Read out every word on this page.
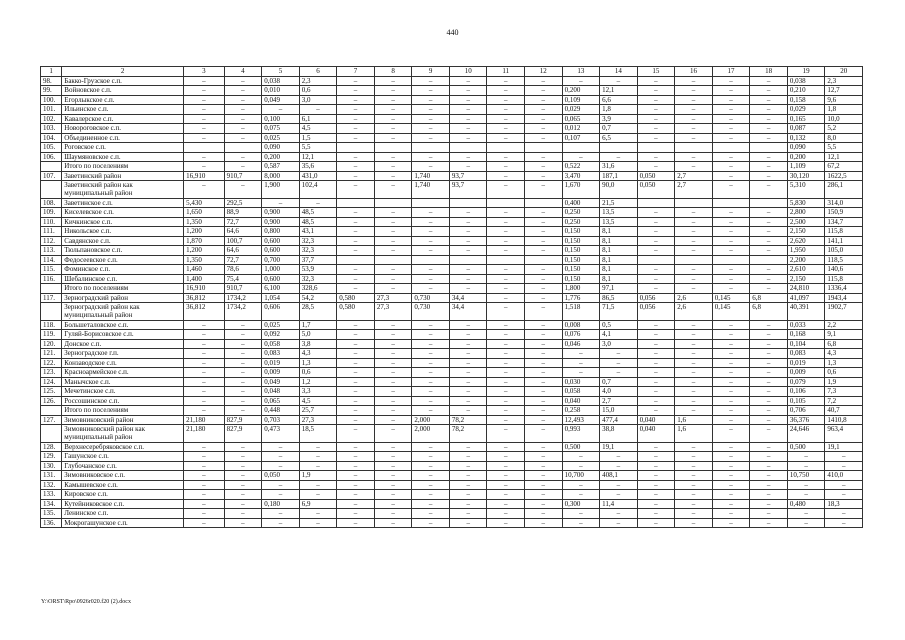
440
1	2	3	4	5	6	7	8	9	10	11	12	13	14	15	16	17	18	19	20
98.	Бакко-Грузское с.п.	–	–	0,038	2,3	–	–	–	–	–	–	–	–	–	–	–	–	0,038	2,3
99.	Войновское с.п.	–	–	0,010	0,6	–	–	–	–	–	–	0,200	12,1	–	–	–	–	0,210	12,7
100.	Егорлыкское с.п.	–	–	0,049	3,0	–	–	–	–	–	–	0,109	6,6	–	–	–	–	0,158	9,6
101.	Ильинское с.п.	–	–	–	–	–	–	–	–	–	–	0,029	1,8	–	–	–	–	0,029	1,8
102.	Кавалерское с.п.	–	–	0,100	6,1	–	–	–	–	–	–	0,065	3,9	–	–	–	–	0,165	10,0
103.	Новороговское с.п.	–	–	0,075	4,5	–	–	–	–	–	–	0,012	0,7	–	–	–	–	0,087	5,2
104.	Объединенное с.п.	–	–	0,025	1,5	–	–	–	–	–	–	0,107	6,5	–	–	–	–	0,132	8,0
105.	Роговское с.п.			0,090	5,5													0,090	5,5
106.	Шаумяновское с.п.	–	–	0,200	12,1	–	–	–	–	–	–	–	–	–	–	–	–	0,200	12,1
	Итого по поселениям	–	–	0,587	35,6	–	–	–	–	–	–	0,522	31,6	–	–	–	–	1,109	67,2
107.	Заветинский район	16,910	910,7	8,000	431,0	–	–	1,740	93,7	–	–	3,470	187,1	0,050	2,7	–	–	30,120	1622,5
	Заветинский район как муниципальный район	–	–	1,900	102,4	–	–	1,740	93,7	–	–	1,670	90,0	0,050	2,7	–	–	5,310	286,1
108.	Заветинское с.п.	5,430	292,5	–	–							0,400	21,5					5,830	314,0
109.	Киселевское с.п.	1,650	88,9	0,900	48,5	–	–	–	–	–	–	0,250	13,5	–	–	–	–	2,800	150,9
110.	Кичкинское с.п.	1,350	72,7	0,900	48,5	–	–	–	–	–	–	0,250	13,5	–	–	–	–	2,500	134,7
111.	Никольское с.п.	1,200	64,6	0,800	43,1	–	–	–	–	–	–	0,150	8,1	–	–	–	–	2,150	115,8
112.	Савдянское с.п.	1,870	100,7	0,600	32,3	–	–	–	–	–	–	0,150	8,1	–	–	–	–	2,620	141,1
113.	Тюльпановское с.п.	1,200	64,6	0,600	32,3	–	–	–	–	–	–	0,150	8,1	–	–	–	–	1,950	105,0
114.	Федосеевское с.п.	1,350	72,7	0,700	37,7							0,150	8,1					2,200	118,5
115.	Фоминское с.п.	1,460	78,6	1,000	53,9	–	–	–	–	–	–	0,150	8,1	–	–	–	–	2,610	140,6
116.	Шебалинское с.п.	1,400	75,4	0,600	32,3	–	–	–	–	–	–	0,150	8,1	–	–	–	–	2,150	115,8
	Итого по поселениям	16,910	910,7	6,100	328,6	–	–	–	–	–	–	1,800	97,1	–	–	–	–	24,810	1336,4
117.	Зерноградский район	36,812	1734,2	1,054	54,2	0,580	27,3	0,730	34,4	–	–	1,776	86,5	0,056	2,6	0,145	6,8	41,097	1943,4
	Зерноградский район как муниципальный район	36,812	1734,2	0,606	28,5	0,580	27,3	0,730	34,4	–	–	1,518	71,5	0,056	2,6	0,145	6,8	40,391	1902,7
118.	Большеталовское с.п.	–	–	0,025	1,7	–	–	–	–	–	–	0,008	0,5	–	–	–	–	0,033	2,2
119.	Гуляй-Борисовское с.п.	–	–	0,092	5,0	–	–	–	–	–	–	0,076	4,1	–	–	–	–	0,168	9,1
120.	Донское с.п.	–	–	0,058	3,8	–	–	–	–	–	–	0,046	3,0	–	–	–	–	0,104	6,8
121.	Зерноградское г.п.	–	–	0,083	4,3	–	–	–	–	–	–	–	–	–	–	–	–	0,083	4,3
122.	Конзаводское с.п.	–	–	0,019	1,3	–	–	–	–	–	–	–	–	–	–	–	–	0,019	1,3
123.	Красноармейское с.п.	–	–	0,009	0,6	–	–	–	–	–	–	–	–	–	–	–	–	0,009	0,6
124.	Манычское с.п.	–	–	0,049	1,2	–	–	–	–	–	–	0,030	0,7	–	–	–	–	0,079	1,9
125.	Мечетинское с.п.	–	–	0,048	3,3	–	–	–	–	–	–	0,058	4,0	–	–	–	–	0,106	7,3
126.	Россошинское с.п.	–	–	0,065	4,5	–	–	–	–	–	–	0,040	2,7	–	–	–	–	0,105	7,2
	Итого по поселениям	–	–	0,448	25,7	–	–	–	–	–	–	0,258	15,0	–	–	–	–	0,706	40,7
127.	Зимовниковский район	21,180	827,9	0,703	27,3	–	–	2,000	78,2	–	–	12,493	477,4	0,040	1,6	–	–	36,376	1410,8
	Зимовниковский район как муниципальный район	21,180	827,9	0,473	18,5	–	–	2,000	78,2	–	–	0,993	38,8	0,040	1,6	–	–	24,646	963,4
128.	Верхнесеребряковское с.п.	–	–	–	–	–	–	–	–	–	–	0,500	19,1	–	–	–	–	0,500	19,1
129.	Гашунское с.п.	–	–	–	–	–	–	–	–	–	–	–	–	–	–	–	–	–	–
130.	Глубочанское с.п.	–	–	–	–	–	–	–	–	–	–	–	–	–	–	–	–	–	–
131.	Зимовниковское с.п.	–	–	0,050	1,9	–	–	–	–	–	–	10,700	408,1	–	–	–	–	10,750	410,0
132.	Камышевское с.п.	–	–	–	–	–	–	–	–	–	–	–	–	–	–	–	–	–	–
133.	Кировское с.п.	–	–	–	–	–	–	–	–	–	–	–	–	–	–	–	–	–	–
134.	Кутейниковское с.п.	–	–	0,180	6,9	–	–	–	–	–	–	0,300	11,4	–	–	–	–	0,480	18,3
135.	Ленинское с.п.	–	–	–	–	–	–	–	–	–	–	–	–	–	–	–	–	–	–
136.	Мокрогашунское с.п.	–	–	–	–	–	–	–	–	–	–	–	–	–	–	–	–	–	–
Y:\ORST\Rpo\0926r020.f20 (2).docx
